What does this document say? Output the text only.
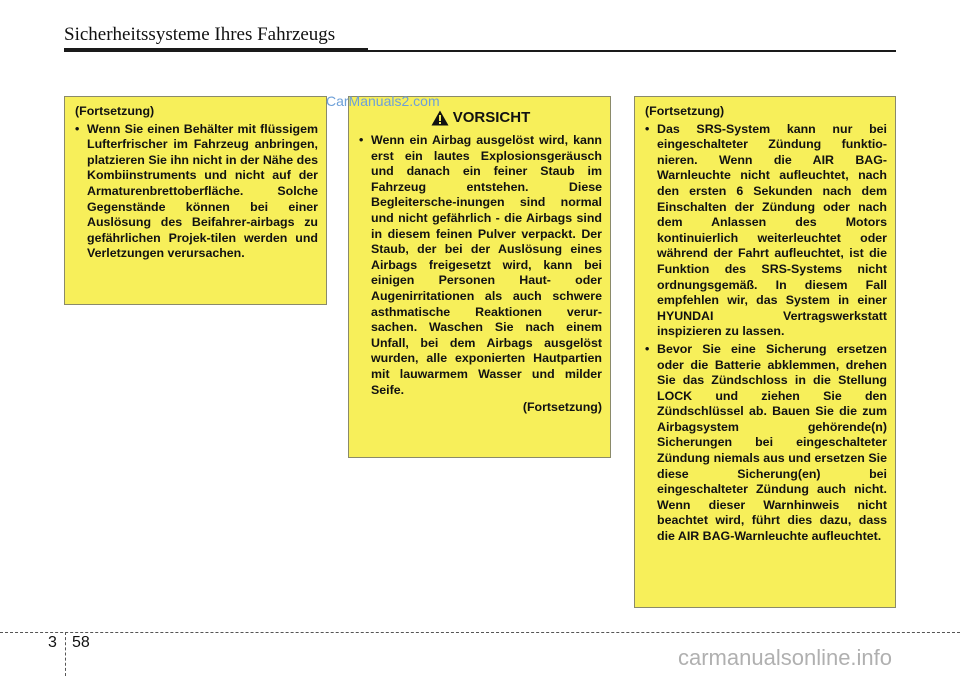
Sicherheitssysteme Ihres Fahrzeugs
CarManuals2.com
(Fortsetzung)
• Wenn Sie einen Behälter mit flüssigem Lufterfrischer im Fahrzeug anbringen, platzieren Sie ihn nicht in der Nähe des Kombiinstruments und nicht auf der Armaturenbrettoberfläche. Solche Gegenstände können bei einer Auslösung des Beifahrer-airbags zu gefährlichen Projek-tilen werden und Verletzungen verursachen.
VORSICHT
• Wenn ein Airbag ausgelöst wird, kann erst ein lautes Explosionsgeräusch und danach ein feiner Staub im Fahrzeug entstehen. Diese Begleitersche-inungen sind normal und nicht gefährlich - die Airbags sind in diesem feinen Pulver verpackt. Der Staub, der bei der Auslösung eines Airbags freigesetzt wird, kann bei einigen Personen Haut- oder Augenirritationen als auch schwere asthmatische Reaktionen verur-sachen. Waschen Sie nach einem Unfall, bei dem Airbags ausgelöst wurden, alle exponierten Hautpartien mit lauwarmem Wasser und milder Seife.
(Fortsetzung)
(Fortsetzung)
• Das SRS-System kann nur bei eingeschalteter Zündung funktio-nieren. Wenn die AIR BAG-Warnleuchte nicht aufleuchtet, nach den ersten 6 Sekunden nach dem Einschalten der Zündung oder nach dem Anlassen des Motors kontinuierlich weiterleuchtet oder während der Fahrt aufleuchtet, ist die Funktion des SRS-Systems nicht ordnungsgemäß. In diesem Fall empfehlen wir, das System in einer HYUNDAI Vertragswerkstatt inspizieren zu lassen.
• Bevor Sie eine Sicherung ersetzen oder die Batterie abklemmen, drehen Sie das Zündschloss in die Stellung LOCK und ziehen Sie den Zündschlüssel ab. Bauen Sie die zum Airbagsystem gehörende(n) Sicherungen bei eingeschalteter Zündung niemals aus und ersetzen Sie diese Sicherung(en) bei eingeschalteter Zündung auch nicht. Wenn dieser Warnhinweis nicht beachtet wird, führt dies dazu, dass die AIR BAG-Warnleuchte aufleuchtet.
3 58
carmanualsonline.info
